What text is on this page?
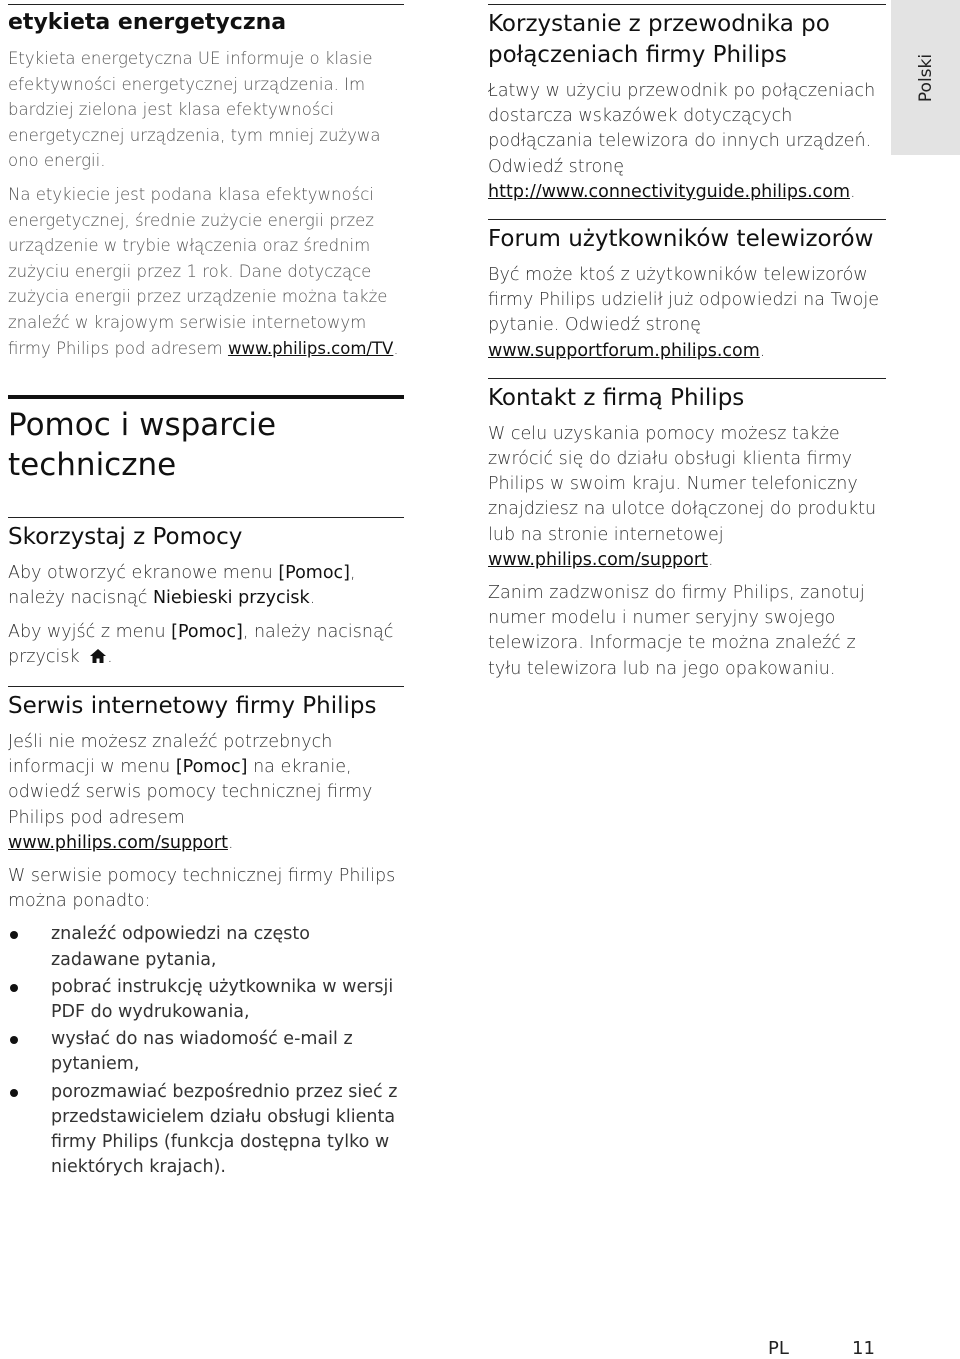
Polski
etykieta energetyczna

Etykieta energetyczna UE informuje o klasie efektywności energetycznej urządzenia. Im bardziej zielona jest klasa efektywności energetycznej urządzenia, tym mniej zużywa ono energii.

Na etykiecie jest podana klasa efektywności energetycznej, średnie zużycie energii przez urządzenie w trybie włączenia oraz średnim zużyciu energii przez 1 rok. Dane dotyczące zużycia energii przez urządzenie można także znaleźć w krajowym serwisie internetowym firmy Philips pod adresem www.philips.com/TV.

Pomoc i wsparcie techniczne
Skorzystaj z Pomocy

Aby otworzyć ekranowe menu [Pomoc], należy nacisnąć Niebieski przycisk.

Aby wyjść z menu [Pomoc], należy nacisnąć przycisk .

Serwis internetowy firmy Philips

Jeśli nie możesz znaleźć potrzebnych informacji w menu [Pomoc] na ekranie, odwiedź serwis pomocy technicznej firmy Philips pod adresem www.philips.com/support.

W serwisie pomocy technicznej firmy Philips można ponadto:

znaleźć odpowiedzi na często zadawane pytania,
pobrać instrukcję użytkownika w wersji PDF do wydrukowania,
wysłać do nas wiadomość e-mail z pytaniem,
porozmawiać bezpośrednio przez sieć z przedstawicielem działu obsługi klienta firmy Philips (funkcja dostępna tylko w niektórych krajach).
Korzystanie z przewodnika po połączeniach firmy Philips

Łatwy w użyciu przewodnik po połączeniach dostarcza wskazówek dotyczących podłączania telewizora do innych urządzeń. Odwiedź stronę http://www.connectivityguide.philips.com.

Forum użytkowników telewizorów

Być może ktoś z użytkowników telewizorów firmy Philips udzielił już odpowiedzi na Twoje pytanie. Odwiedź stronę www.supportforum.philips.com.

Kontakt z firmą Philips

W celu uzyskania pomocy możesz także zwrócić się do działu obsługi klienta firmy Philips w swoim kraju. Numer telefoniczny znajdziesz na ulotce dołączonej do produktu lub na stronie internetowej www.philips.com/support.

Zanim zadzwonisz do firmy Philips, zanotuj numer modelu i numer seryjny swojego telewizora. Informacje te można znaleźć z tyłu telewizora lub na jego opakowaniu.

PL	11
